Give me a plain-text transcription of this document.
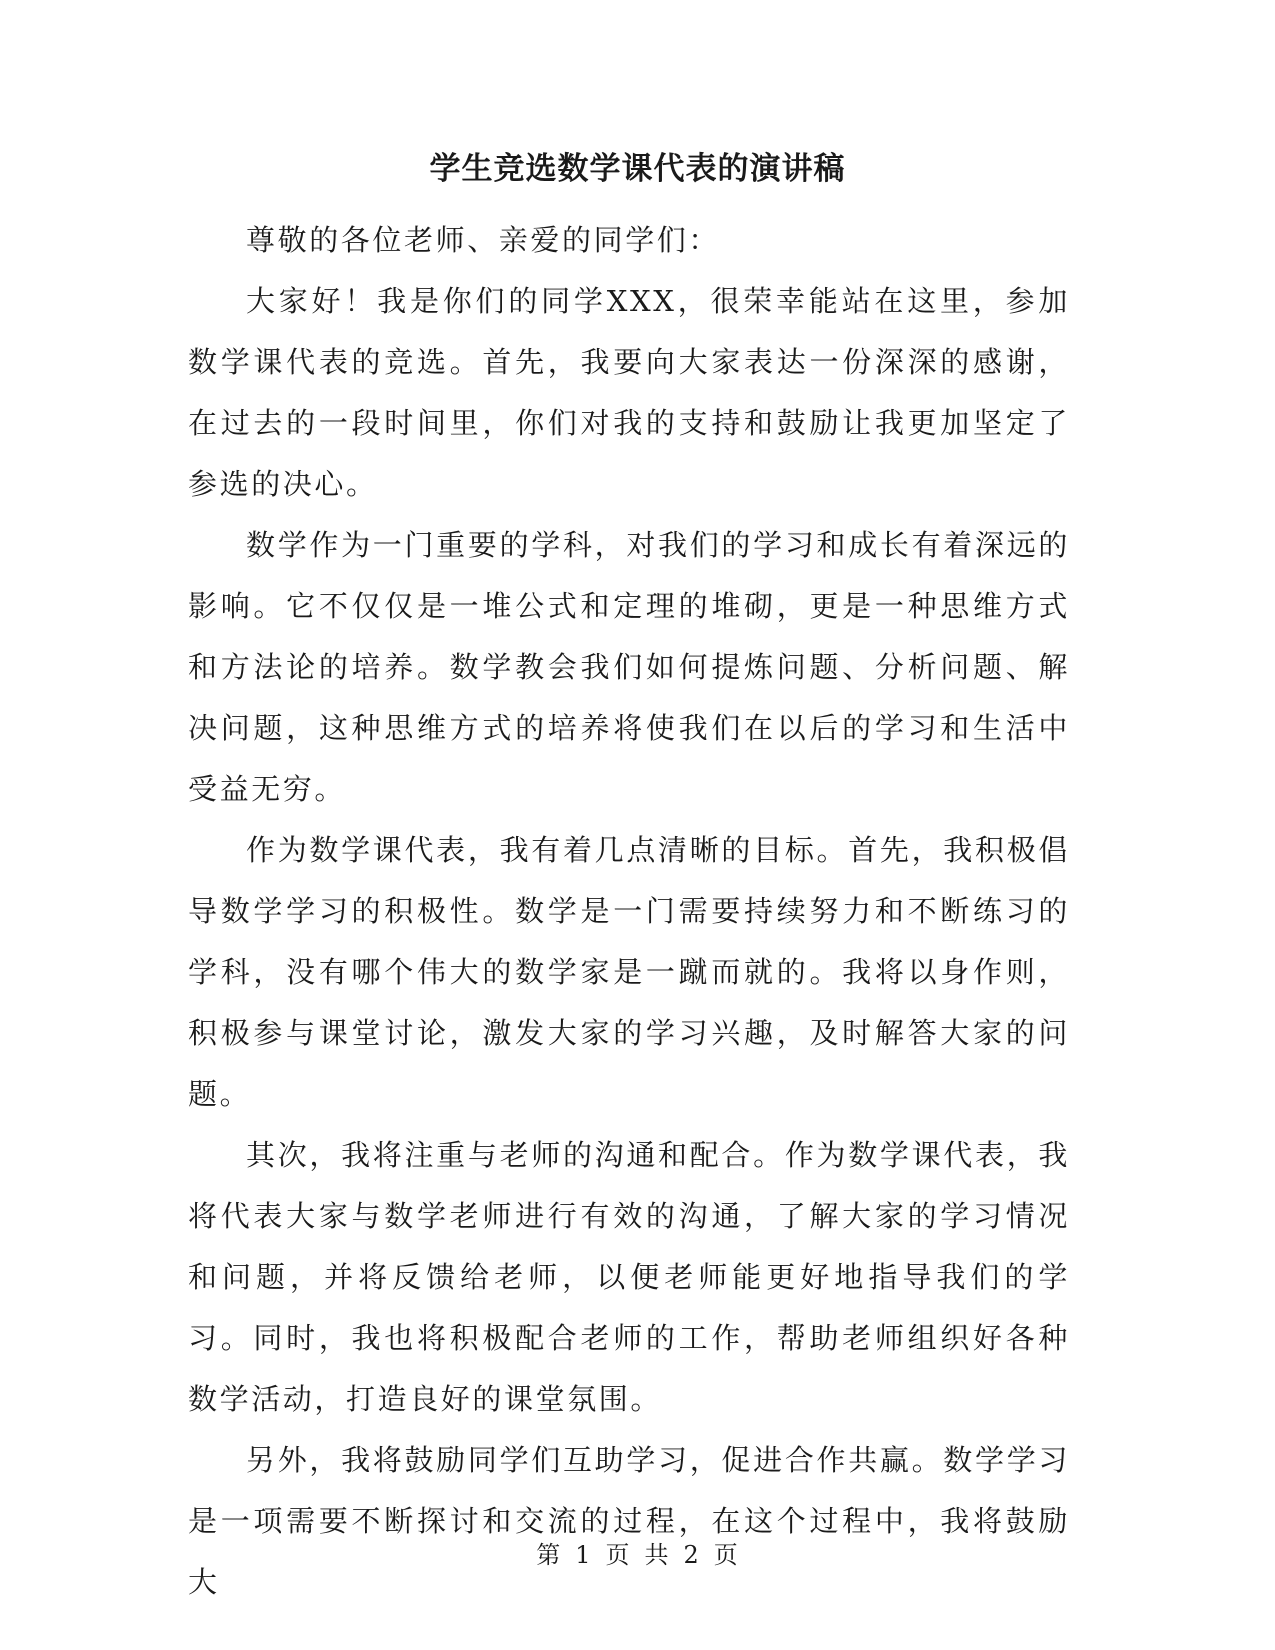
学生竞选数学课代表的演讲稿

尊敬的各位老师、亲爱的同学们：

大家好！我是你们的同学XXX，很荣幸能站在这里，参加数学课代表的竞选。首先，我要向大家表达一份深深的感谢，在过去的一段时间里，你们对我的支持和鼓励让我更加坚定了参选的决心。

数学作为一门重要的学科，对我们的学习和成长有着深远的影响。它不仅仅是一堆公式和定理的堆砌，更是一种思维方式和方法论的培养。数学教会我们如何提炼问题、分析问题、解决问题，这种思维方式的培养将使我们在以后的学习和生活中受益无穷。

作为数学课代表，我有着几点清晰的目标。首先，我积极倡导数学学习的积极性。数学是一门需要持续努力和不断练习的学科，没有哪个伟大的数学家是一蹴而就的。我将以身作则，积极参与课堂讨论，激发大家的学习兴趣，及时解答大家的问题。

其次，我将注重与老师的沟通和配合。作为数学课代表，我将代表大家与数学老师进行有效的沟通，了解大家的学习情况和问题，并将反馈给老师，以便老师能更好地指导我们的学习。同时，我也将积极配合老师的工作，帮助老师组织好各种数学活动，打造良好的课堂氛围。

另外，我将鼓励同学们互助学习，促进合作共赢。数学学习是一项需要不断探讨和交流的过程，在这个过程中，我将鼓励大

第 1 页 共 2 页
